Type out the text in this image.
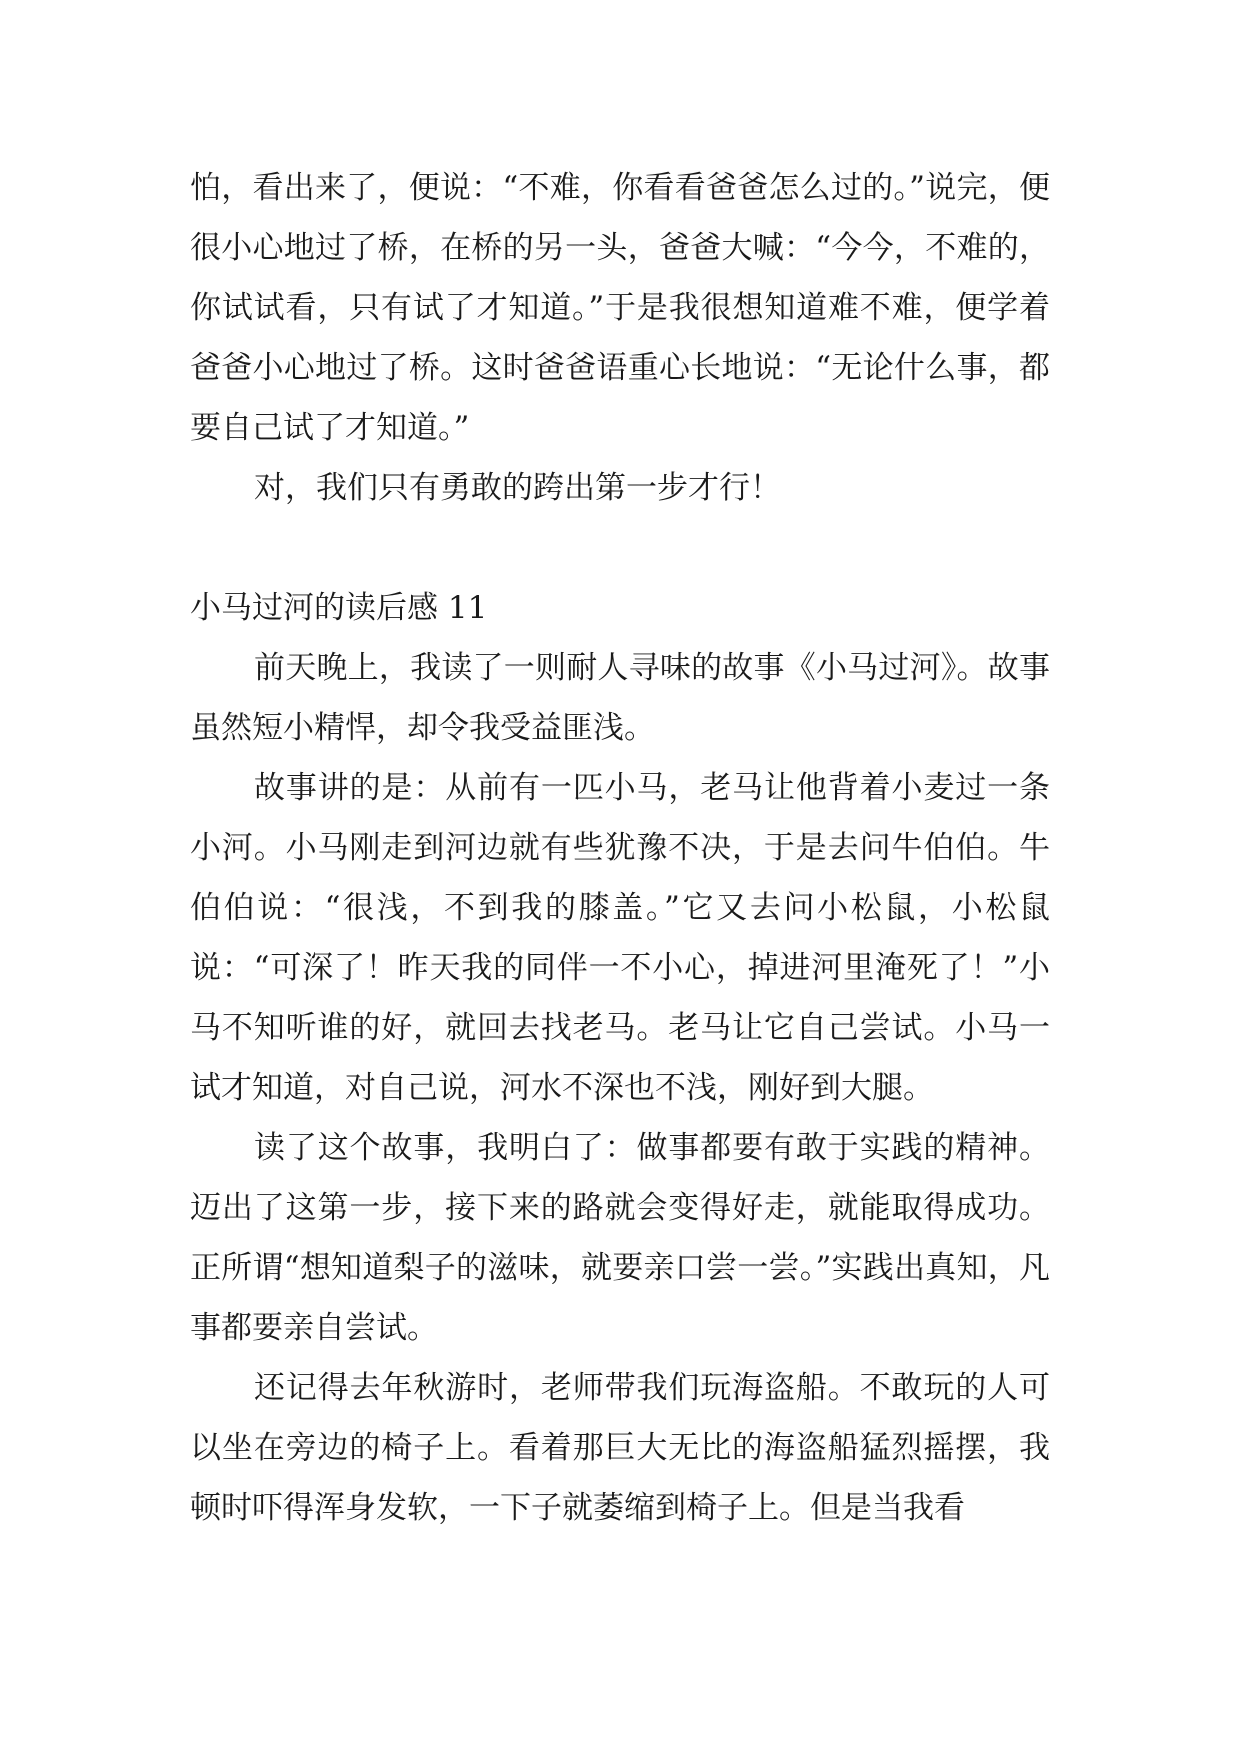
怕，看出来了，便说：“不难，你看看爸爸怎么过的。”说完，便很小心地过了桥，在桥的另一头，爸爸大喊：“今今，不难的，你试试看，只有试了才知道。”于是我很想知道难不难，便学着爸爸小心地过了桥。这时爸爸语重心长地说：“无论什么事，都要自己试了才知道。”

对，我们只有勇敢的跨出第一步才行！

小马过河的读后感 11

前天晚上，我读了一则耐人寻味的故事《小马过河》。故事虽然短小精悍，却令我受益匪浅。

故事讲的是：从前有一匹小马，老马让他背着小麦过一条小河。小马刚走到河边就有些犹豫不决，于是去问牛伯伯。牛伯伯说：“很浅，不到我的膝盖。”它又去问小松鼠，小松鼠说：“可深了！昨天我的同伴一不小心，掉进河里淹死了！”小马不知听谁的好，就回去找老马。老马让它自己尝试。小马一试才知道，对自己说，河水不深也不浅，刚好到大腿。

读了这个故事，我明白了：做事都要有敢于实践的精神。迈出了这第一步，接下来的路就会变得好走，就能取得成功。正所谓“想知道梨子的滋味，就要亲口尝一尝。”实践出真知，凡事都要亲自尝试。

还记得去年秋游时，老师带我们玩海盗船。不敢玩的人可以坐在旁边的椅子上。看着那巨大无比的海盗船猛烈摇摆，我顿时吓得浑身发软，一下子就萎缩到椅子上。但是当我看
